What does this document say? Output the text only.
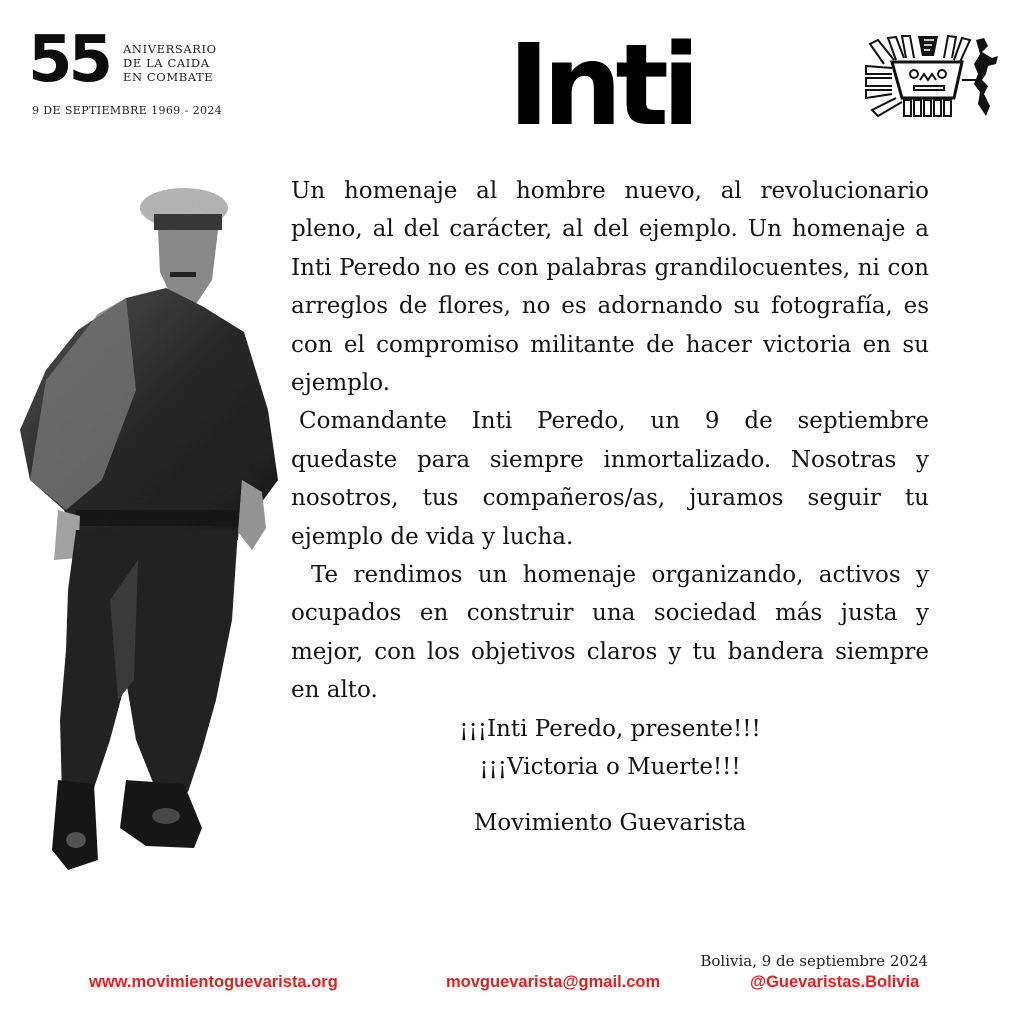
55 ANIVERSARIO
DE LA CAIDA
EN COMBATE
9 DE SEPTIEMBRE 1969 - 2024	Inti

Un homenaje al hombre nuevo, al revolucionario pleno, al del carácter, al del ejemplo. Un homenaje a Inti Peredo no es con palabras grandilocuentes, ni con arreglos de flores, no es adornando su fotografía, es con el compromiso militante de hacer victoria en su ejemplo.

Comandante Inti Peredo, un 9 de septiembre quedaste para siempre inmortalizado. Nosotras y nosotros, tus compañeros/as, juramos seguir tu ejemplo de vida y lucha.

Te rendimos un homenaje organizando, activos y ocupados en construir una sociedad más justa y mejor, con los objetivos claros y tu bandera siempre en alto.

¡¡¡Inti Peredo, presente!!!

¡¡¡Victoria o Muerte!!!

Movimiento Guevarista
Bolivia, 9 de septiembre 2024
www.movimientoguevarista.org	movguevarista@gmail.com	@Guevaristas.Bolivia
